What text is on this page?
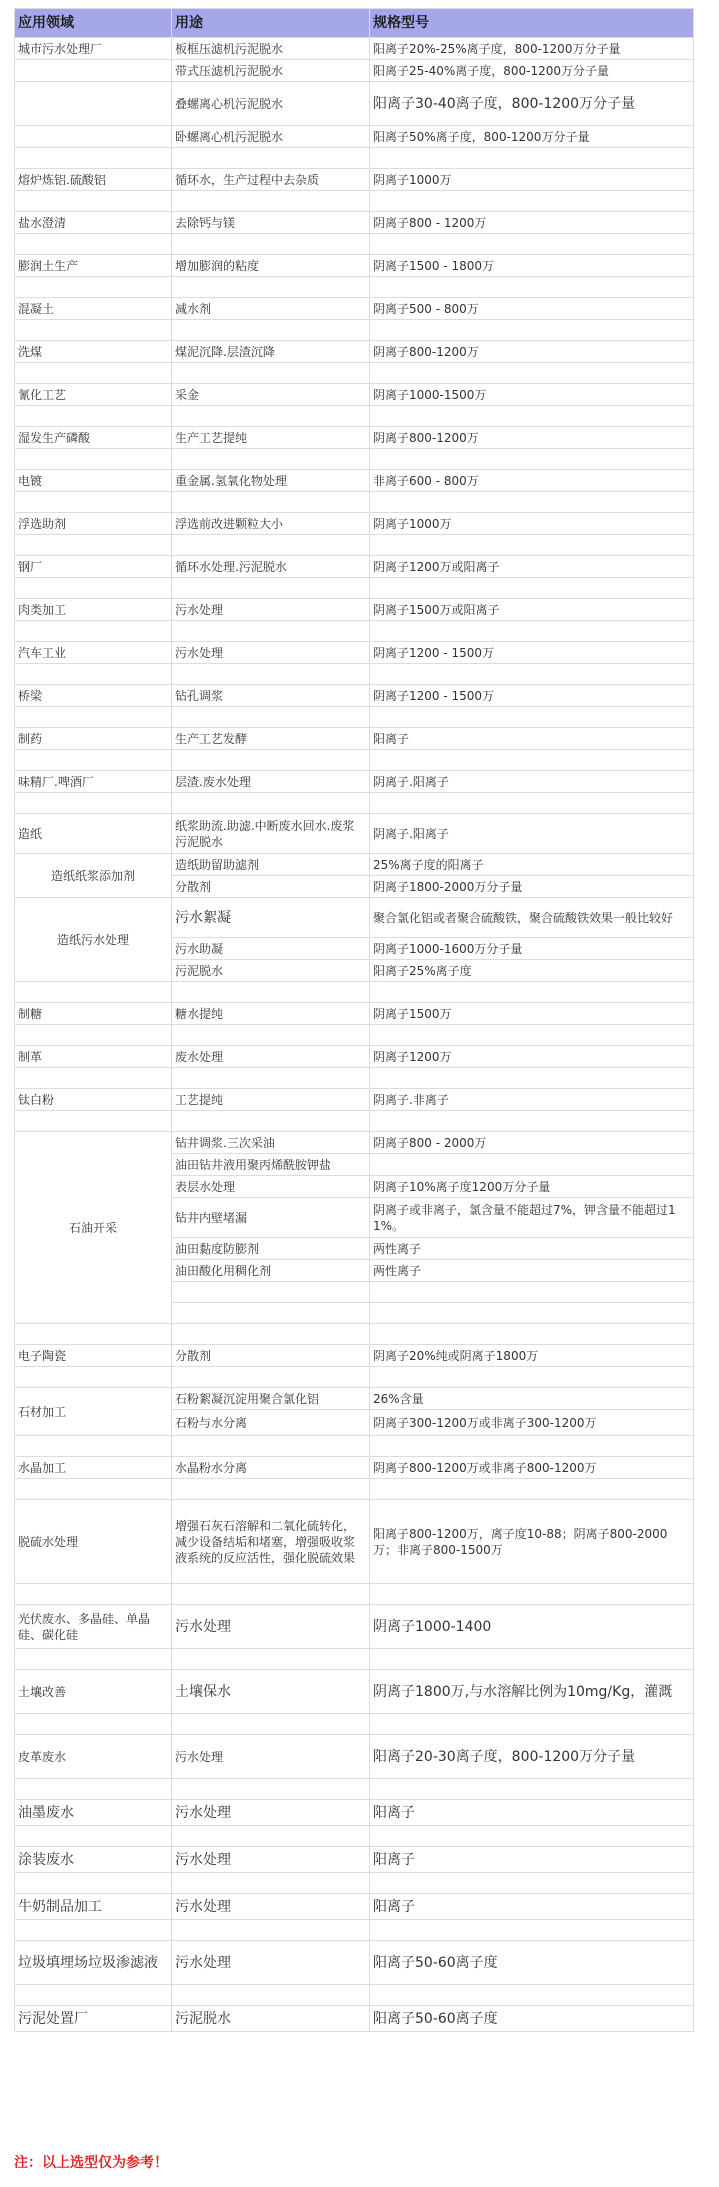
应用领域	用途	规格型号
城市污水处理厂	板框压滤机污泥脱水	阳离子20%-25%离子度，800-1200万分子量
	带式压滤机污泥脱水	阳离子25-40%离子度，800-1200万分子量
	叠螺离心机污泥脱水	阳离子30-40离子度，800-1200万分子量
	卧螺离心机污泥脱水	阳离子50%离子度，800-1200万分子量

熔炉炼铝.硫酸铝	循环水，生产过程中去杂质	阴离子1000万

盐水澄清	去除钙与镁	阴离子800 - 1200万

膨润土生产	增加膨润的粘度	阴离子1500 - 1800万

混凝土	减水剂	阴离子500 - 800万

洗煤	煤泥沉降.层渣沉降	阴离子800-1200万

氰化工艺	采金	阴离子1000-1500万

湿发生产磷酸	生产工艺提纯	阴离子800-1200万

电镀	重金属.氢氧化物处理	非离子600 - 800万

浮选助剂	浮选前改进颗粒大小	阴离子1000万

钢厂	循环水处理.污泥脱水	阴离子1200万或阳离子

肉类加工	污水处理	阴离子1500万或阳离子

汽车工业	污水处理	阴离子1200 - 1500万

桥梁	钻孔调浆	阴离子1200 - 1500万

制药	生产工艺发酵	阳离子

味精厂.啤酒厂	层渣.废水处理	阴离子.阳离子

造纸	纸浆助流.助滤.中断废水回水.废浆污泥脱水	阴离子.阳离子
造纸纸浆添加剂	造纸助留助滤剂	25%离子度的阳离子
	分散剂	阴离子1800-2000万分子量
造纸污水处理	污水絮凝	聚合氯化铝或者聚合硫酸铁，聚合硫酸铁效果一般比较好
	污水助凝	阴离子1000-1600万分子量
	污泥脱水	阳离子25%离子度

制糖	糖水提纯	阴离子1500万

制革	废水处理	阴离子1200万

钛白粉	工艺提纯	阴离子.非离子

石油开采	钻井调浆.三次采油	阴离子800 - 2000万
	油田钻井液用聚丙烯酰胺钾盐	
	表层水处理	阴离子10%离子度1200万分子量
	钻井内壁堵漏	阴离子或非离子，氯含量不能超过7%，钾含量不能超过11%。
	油田黏度防膨剂	两性离子
	油田酸化用稠化剂	两性离子

电子陶瓷	分散剂	阴离子20%纯或阴离子1800万

石材加工	石粉絮凝沉淀用聚合氯化铝	26%含量
	石粉与水分离	阴离子300-1200万或非离子300-1200万

水晶加工	水晶粉水分离	阴离子800-1200万或非离子800-1200万

脱硫水处理	增强石灰石溶解和二氧化硫转化，减少设备结垢和堵塞，增强吸收浆液系统的反应活性，强化脱硫效果	阳离子800-1200万，离子度10-88；阴离子800-2000万；非离子800-1500万

光伏废水、多晶硅、单晶硅、碳化硅	污水处理	阴离子1000-1400

土壤改善	土壤保水	阴离子1800万,与水溶解比例为10mg/Kg，灌溉

皮革废水	污水处理	阳离子20-30离子度，800-1200万分子量

油墨废水	污水处理	阳离子

涂装废水	污水处理	阳离子

牛奶制品加工	污水处理	阳离子

垃圾填埋场垃圾渗滤液	污水处理	阳离子50-60离子度

污泥处置厂	污泥脱水	阳离子50-60离子度
注：以上选型仅为参考！
